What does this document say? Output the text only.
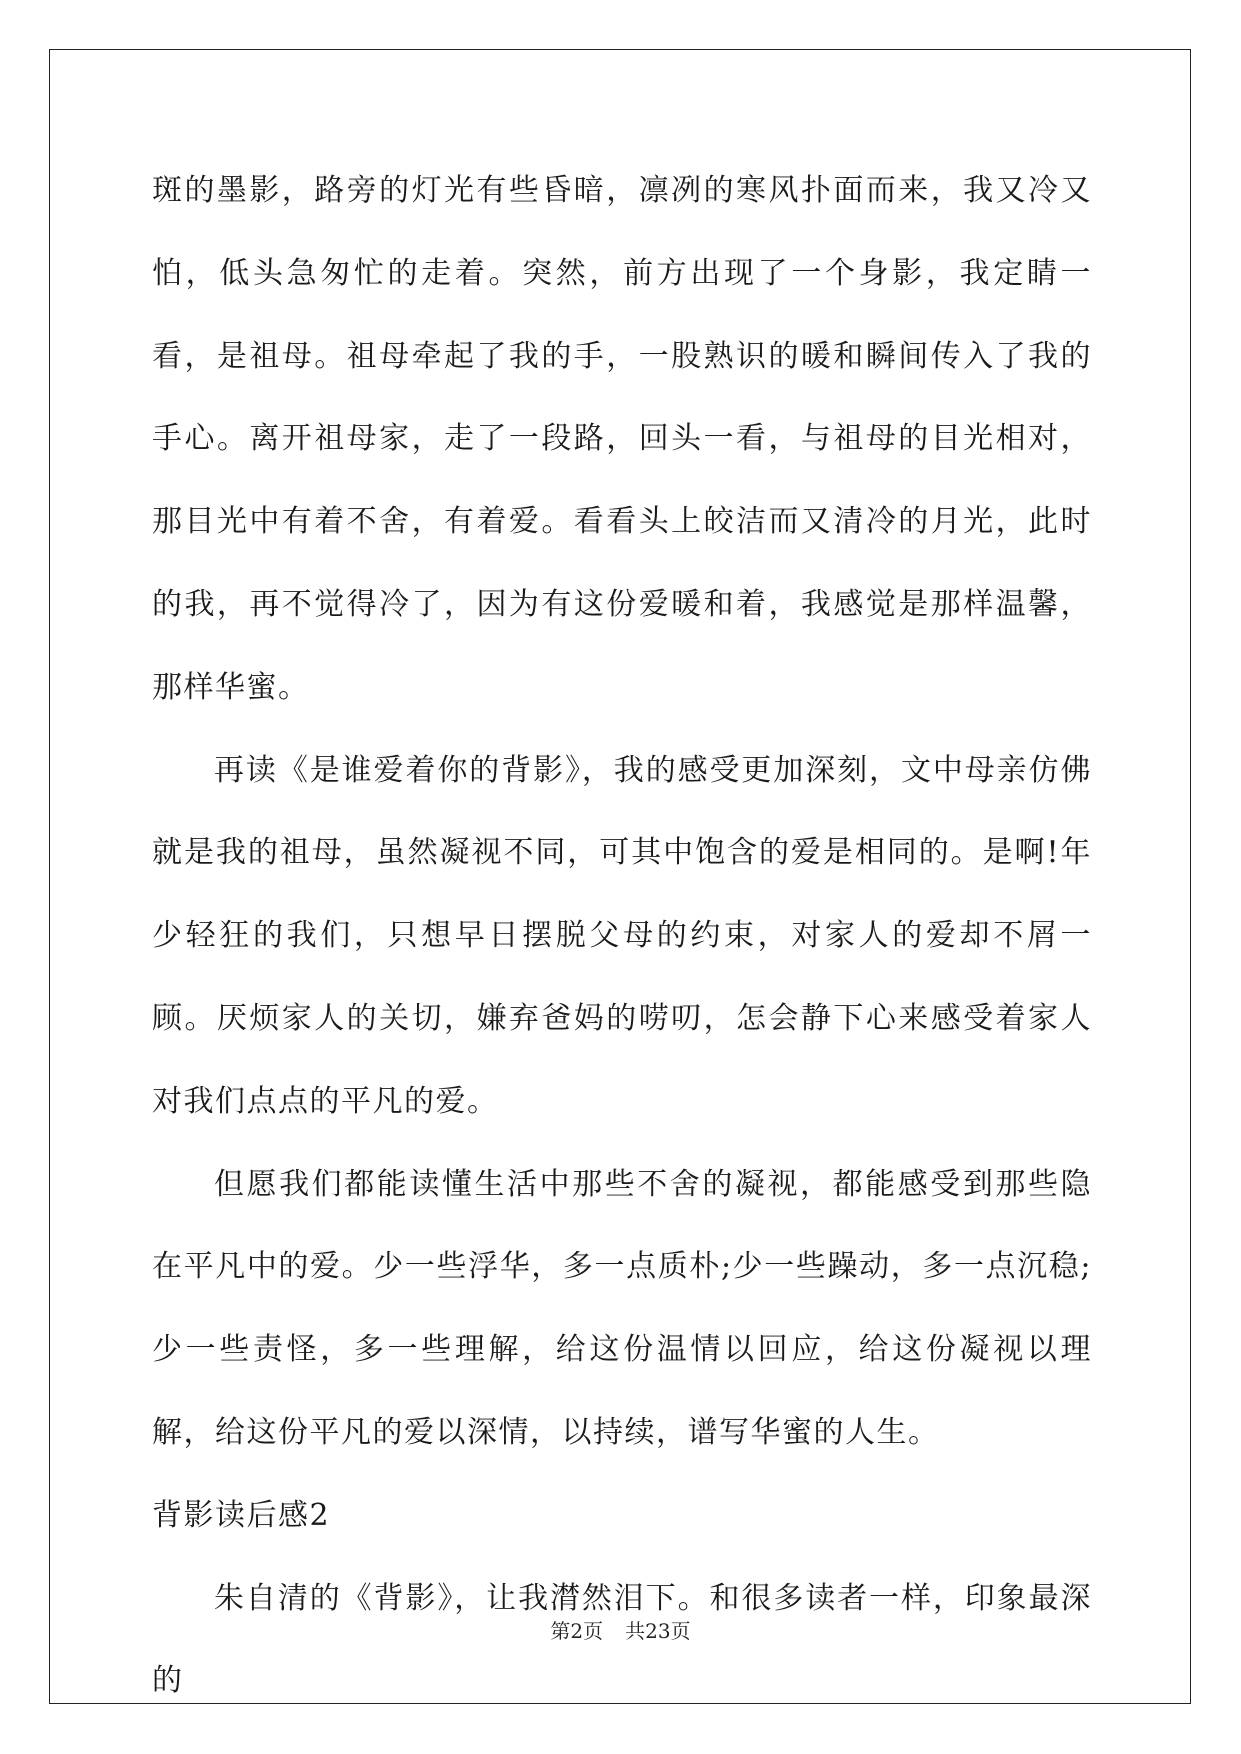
斑的墨影，路旁的灯光有些昏暗，凛冽的寒风扑面而来，我又冷又怕，低头急匆忙的走着。突然，前方出现了一个身影，我定睛一看，是祖母。祖母牵起了我的手，一股熟识的暖和瞬间传入了我的手心。离开祖母家，走了一段路，回头一看，与祖母的目光相对，那目光中有着不舍，有着爱。看看头上皎洁而又清冷的月光，此时的我，再不觉得冷了，因为有这份爱暖和着，我感觉是那样温馨，那样华蜜。

再读《是谁爱着你的背影》，我的感受更加深刻，文中母亲仿佛就是我的祖母，虽然凝视不同，可其中饱含的爱是相同的。是啊!年少轻狂的我们，只想早日摆脱父母的约束，对家人的爱却不屑一顾。厌烦家人的关切，嫌弃爸妈的唠叨，怎会静下心来感受着家人对我们点点的平凡的爱。

但愿我们都能读懂生活中那些不舍的凝视，都能感受到那些隐在平凡中的爱。少一些浮华，多一点质朴;少一些躁动，多一点沉稳;少一些责怪，多一些理解，给这份温情以回应，给这份凝视以理解，给这份平凡的爱以深情，以持续，谱写华蜜的人生。

背影读后感2

朱自清的《背影》，让我潸然泪下。和很多读者一样，印象最深的

第2页 共23页
